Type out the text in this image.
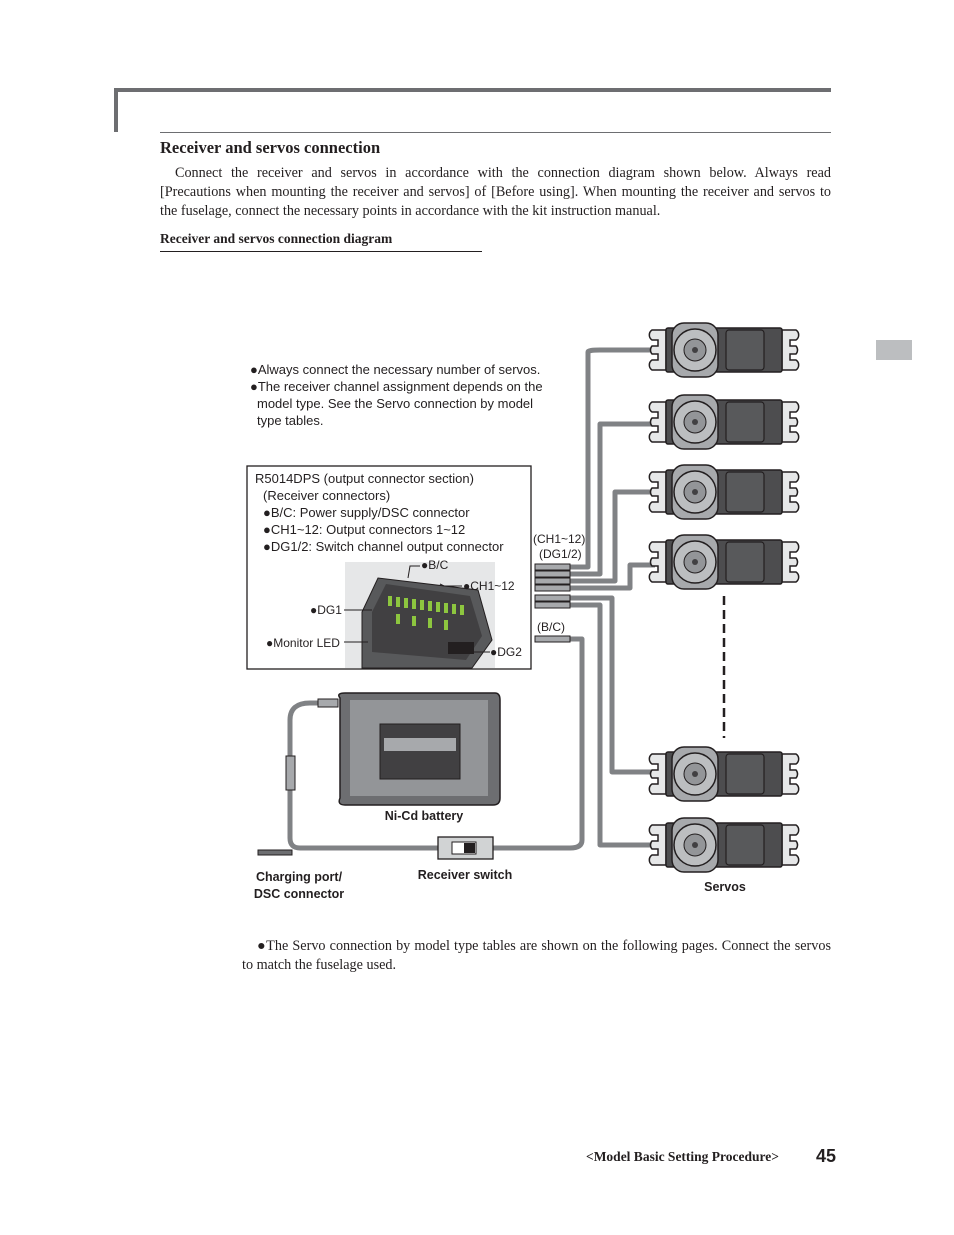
Receiver and servos connection
Connect the receiver and servos in accordance with the connection diagram shown below. Always read [Precautions when mounting the receiver and servos] of [Before using]. When mounting the receiver and servos to the fuselage, connect the necessary points in accordance with the kit instruction manual.
Receiver and servos connection diagram
●Always connect the necessary number of servos.
●The receiver channel assignment depends on the
model type. See the Servo connection by model
type tables.
R5014DPS (output connector section)
(Receiver connectors)
●B/C: Power supply/DSC connector
●CH1~12: Output connectors 1~12
●DG1/2: Switch channel output connector
●B/C
●CH1~12
●DG1
●Monitor LED
●DG2
(CH1~12)
(DG1/2)
(B/C)
Ni-Cd battery
Charging port/
DSC connector
Receiver switch
Servos
●The Servo connection by model type tables are shown on the following pages. Connect the servos to match the fuselage used.
<Model Basic Setting Procedure> 45
